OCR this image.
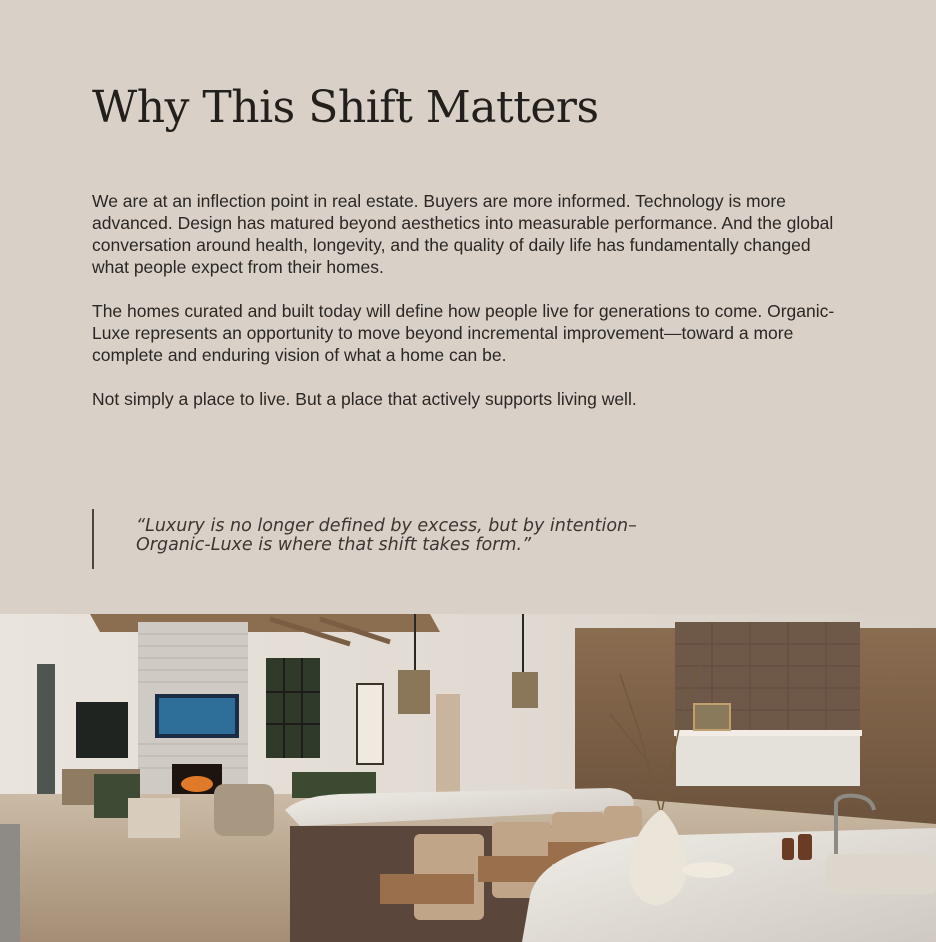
Why This Shift Matters

We are at an inflection point in real estate. Buyers are more informed. Technology is more advanced. Design has matured beyond aesthetics into measurable performance. And the global conversation around health, longevity, and the quality of daily life has fundamentally changed what people expect from their homes.

The homes curated and built today will define how people live for generations to come. Organic-Luxe represents an opportunity to move beyond incremental improvement—toward a more complete and enduring vision of what a home can be.

Not simply a place to live. But a place that actively supports living well.

“Luxury is no longer defined by excess, but by intention–
Organic-Luxe is where that shift takes form.”
